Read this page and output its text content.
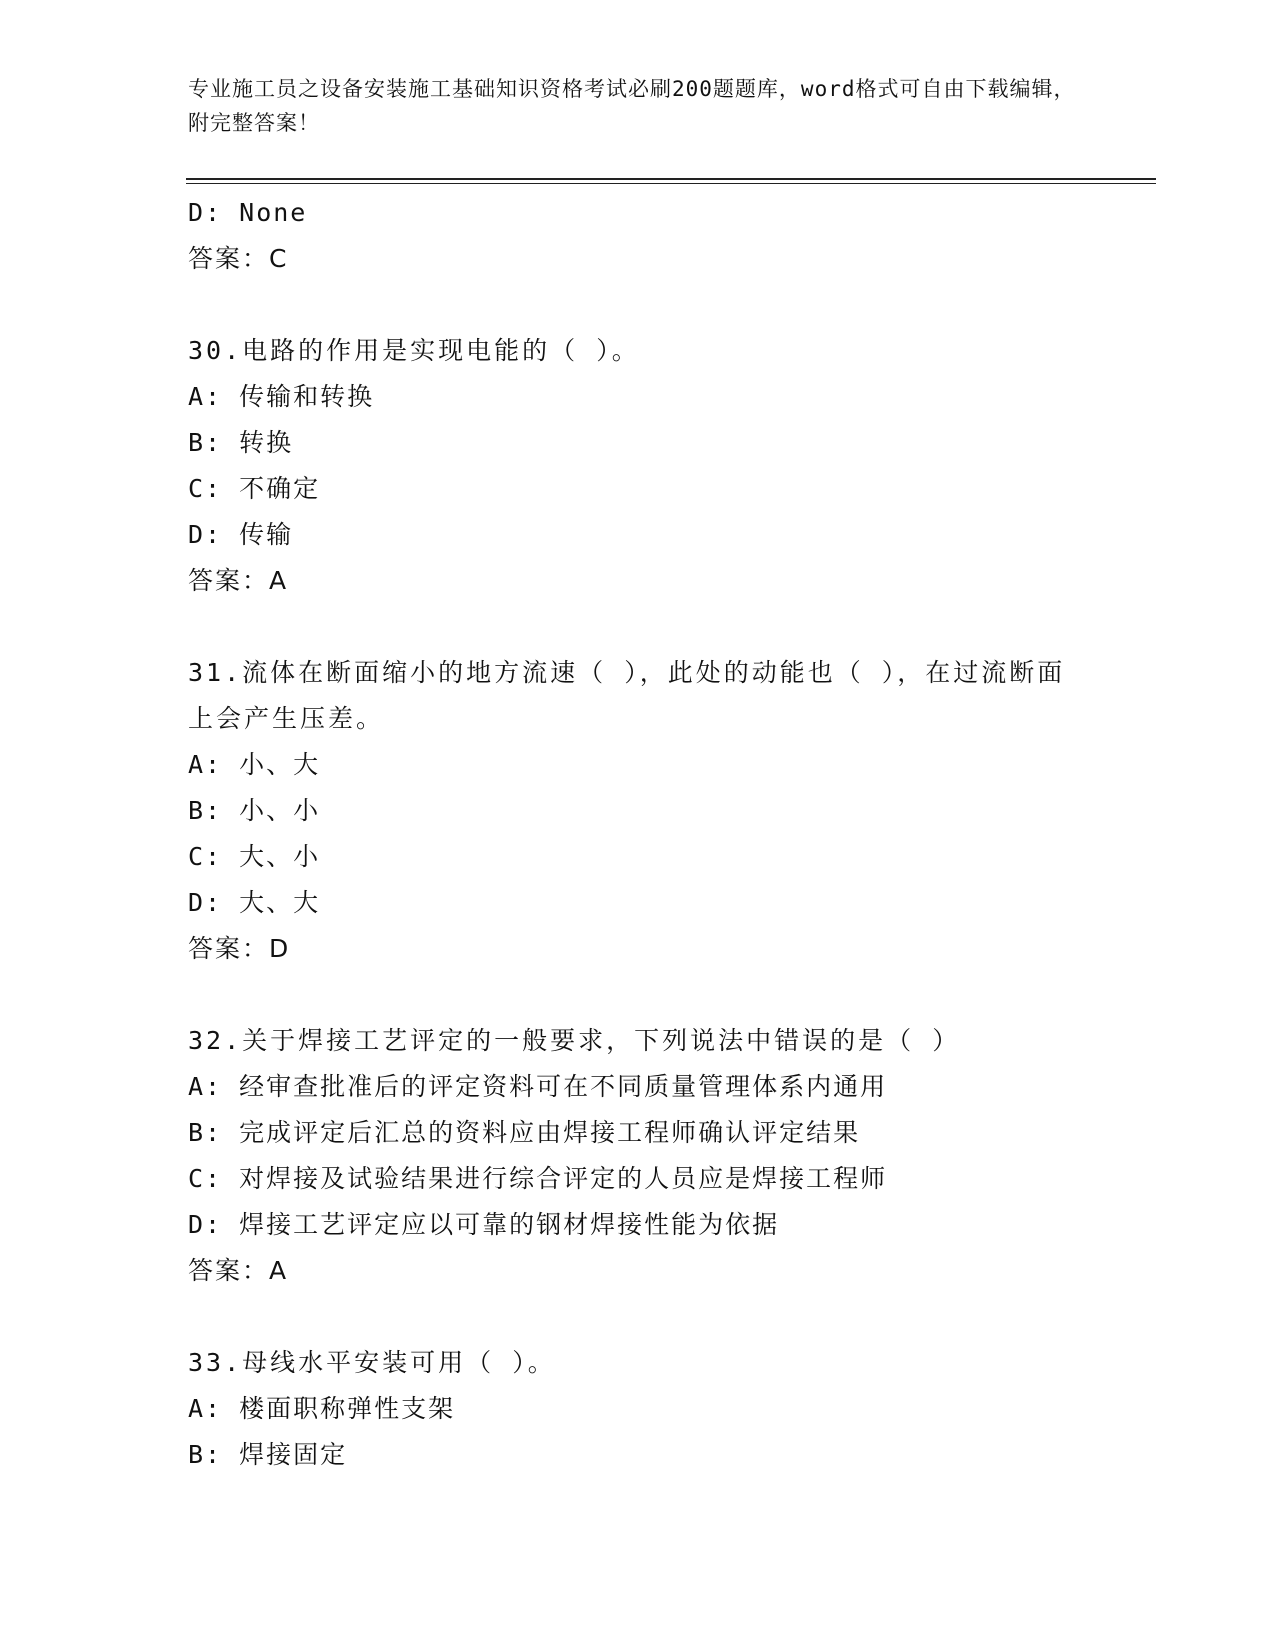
专业施工员之设备安装施工基础知识资格考试必刷200题题库，word格式可自由下载编辑，附完整答案！
D: None
答案：C
30.电路的作用是实现电能的（ ）。
A: 传输和转换
B: 转换
C: 不确定
D: 传输
答案：A
31.流体在断面缩小的地方流速（ ），此处的动能也（ ），在过流断面上会产生压差。
A: 小、大
B: 小、小
C: 大、小
D: 大、大
答案：D
32.关于焊接工艺评定的一般要求，下列说法中错误的是（ ）
A: 经审查批准后的评定资料可在不同质量管理体系内通用
B: 完成评定后汇总的资料应由焊接工程师确认评定结果
C: 对焊接及试验结果进行综合评定的人员应是焊接工程师
D: 焊接工艺评定应以可靠的钢材焊接性能为依据
答案：A
33.母线水平安装可用（ ）。
A: 楼面职称弹性支架
B: 焊接固定
